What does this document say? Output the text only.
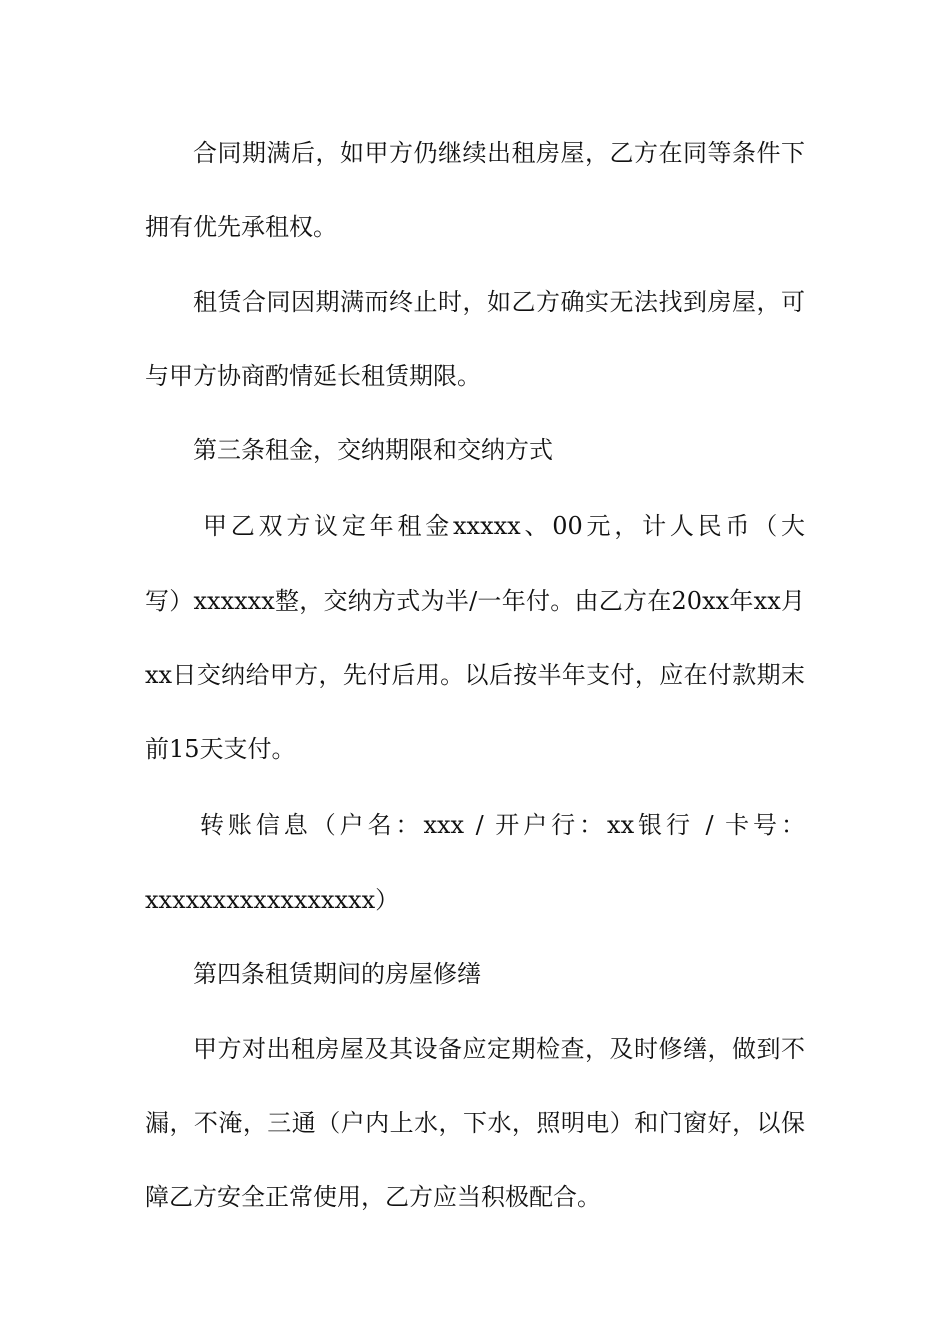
合同期满后，如甲方仍继续出租房屋，乙方在同等条件下
拥有优先承租权。
租赁合同因期满而终止时，如乙方确实无法找到房屋，可
与甲方协商酌情延长租赁期限。
第三条租金，交纳期限和交纳方式
甲乙双方议定年租金xxxxx、00元，计人民币（大
写）xxxxxx整，交纳方式为半/一年付。由乙方在20xx年xx月
xx日交纳给甲方，先付后用。以后按半年支付，应在付款期末
前15天支付。
转账信息（户名：xxx / 开户行：xx银行 / 卡号：
xxxxxxxxxxxxxxxxx）
第四条租赁期间的房屋修缮
甲方对出租房屋及其设备应定期检查，及时修缮，做到不
漏，不淹，三通（户内上水，下水，照明电）和门窗好，以保
障乙方安全正常使用，乙方应当积极配合。
